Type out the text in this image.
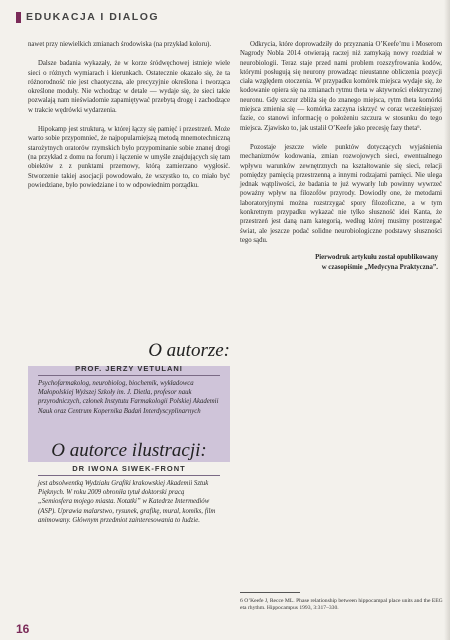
EDUKACJA I DIALOG

nawet przy niewielkich zmianach środowiska (na przykład koloru).

Dalsze badania wykazały, że w korze śródwęchowej istnieje wiele sieci o różnych wymiarach i kierunkach. Ostatecznie okazało się, że ta różnorodność nie jest chaotyczna, ale precyzyjnie określona i tworząca określone moduły. Nie wchodząc w detale — wydaje się, że sieci takie pozwalają nam nieświadomie zapamiętywać przebytą drogę i zachodzące w trakcie wędrówki wydarzenia.

Hipokamp jest strukturą, w której łączy się pamięć i przestrzeń. Może warto sobie przypomnieć, że najpopularniejszą metodą mnemotechniczną starożytnych oratorów rzymskich było przypominanie sobie znanej drogi (na przykład z domu na forum) i łączenie w umyśle znajdujących się tam obiektów z z punktami przemowy, którą zamierzano wygłosić. Stworzenie takiej asocjacji powodowało, że wszystko to, co miało być powiedziane, było powiedziane i to w odpowiednim porządku.

O autorze:
PROF. JERZY VETULANI
Psychofarmakolog, neurobiolog, biochemik, wykładowca Małopolskiej Wyższej Szkoły im. J. Dietla, profesor nauk przyrodniczych, członek Instytutu Farmakologii Polskiej Akademii Nauk oraz Centrum Kopernika Badań Interdyscyplinarnych
O autorce ilustracji:
DR IWONA SIWEK-FRONT
jest absolwentką Wydziału Grafiki krakowskiej Akademii Sztuk Pięknych. W roku 2009 obroniła tytuł doktorski pracą „Semiosfera mojego miasta. Notatki” w Katedrze Intermediów (ASP). Uprawia malarstwo, rysunek, grafikę, mural, komiks, film animowany. Głównym przedmiot zainteresowania to ludzie.

Odkrycia, które doprowadziły do przyznania O’Keefe’mu i Moserom Nagrody Nobla 2014 otwierają raczej niż zamykają nowy rozdział w neurobiologii. Teraz staje przed nami problem rozszyfrowania kodów, którymi posługują się neurony prowadząc nieustanne obliczenia pozycji ciała względem otoczenia. W przypadku komórek miejsca wydaje się, że kodowanie opiera się na zmianach rytmu theta w aktywności elektrycznej neuronu. Gdy szczur zbliża się do znanego miejsca, rytm theta komórki miejsca zmienia się — komórka zaczyna iskrzyć w coraz wcześniejszej fazie, co stanowi informację o położeniu szczura w stosunku do tego miejsca. Zjawisko to, jak ustalił O’Keefe jako precesję fazy theta⁶.

Pozostaje jeszcze wiele punktów dotyczących wyjaśnienia mechanizmów kodowania, zmian rozwojowych sieci, ewentualnego wpływu warunków zewnętrznych na kształtowanie się sieci, relacji pomiędzy pamięcią przestrzenną a innymi rodzajami pamięci. Nie ulega jednak wątpliwości, że badania te już wywarły lub powinny wywrzeć poważny wpływ na filozofów przyrody. Dowiodły one, że metodami laboratoryjnymi można rozstrzygać spory filozoficzne, a w tym konkretnym przypadku wykazać nie tylko słuszność idei Kanta, że przestrzeń jest daną nam kategorią, według której musimy postrzegać świat, ale jeszcze podać solidne neurobiologiczne podstawy słuszności tego sądu.

Pierwodruk artykułu został opublikowany
w czasopiśmie „Medycyna Praktyczna”.
6 O’Keefe J, Recce ML. Phase relationship between hippocampal place units and the EEG eta rhythm. Hippocampus 1993, 3:317–330.
16
